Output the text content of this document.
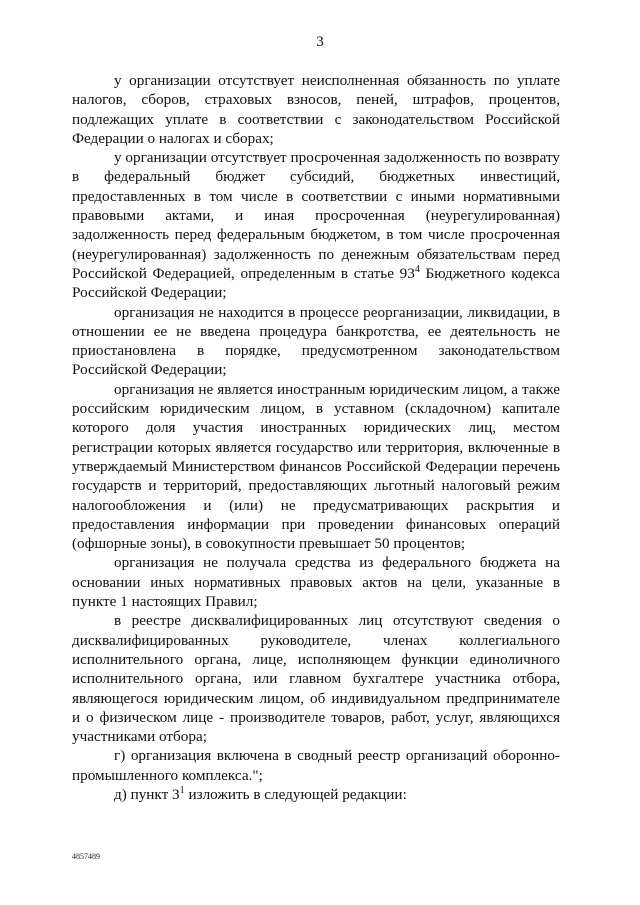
3

у организации отсутствует неисполненная обязанность по уплате налогов, сборов, страховых взносов, пеней, штрафов, процентов, подлежащих уплате в соответствии с законодательством Российской Федерации о налогах и сборах;

у организации отсутствует просроченная задолженность по возврату в федеральный бюджет субсидий, бюджетных инвестиций, предоставленных в том числе в соответствии с иными нормативными правовыми актами, и иная просроченная (неурегулированная) задолженность перед федеральным бюджетом, в том числе просроченная (неурегулированная) задолженность по денежным обязательствам перед Российской Федерацией, определенным в статье $93^4$ Бюджетного кодекса Российской Федерации;

организация не находится в процессе реорганизации, ликвидации, в отношении ее не введена процедура банкротства, ее деятельность не приостановлена в порядке, предусмотренном законодательством Российской Федерации;

организация не является иностранным юридическим лицом, а также российским юридическим лицом, в уставном (складочном) капитале которого доля участия иностранных юридических лиц, местом регистрации которых является государство или территория, включенные в утверждаемый Министерством финансов Российской Федерации перечень государств и территорий, предоставляющих льготный налоговый режим налогообложения и (или) не предусматривающих раскрытия и предоставления информации при проведении финансовых операций (офшорные зоны), в совокупности превышает 50 процентов;

организация не получала средства из федерального бюджета на основании иных нормативных правовых актов на цели, указанные в пункте 1 настоящих Правил;

в реестре дисквалифицированных лиц отсутствуют сведения о дисквалифицированных руководителе, членах коллегиального исполнительного органа, лице, исполняющем функции единоличного исполнительного органа, или главном бухгалтере участника отбора, являющегося юридическим лицом, об индивидуальном предпринимателе и о физическом лице - производителе товаров, работ, услуг, являющихся участниками отбора;

г) организация включена в сводный реестр организаций оборонно-промышленного комплекса.";

д) пункт $3^1$ изложить в следующей редакции:

4857489
